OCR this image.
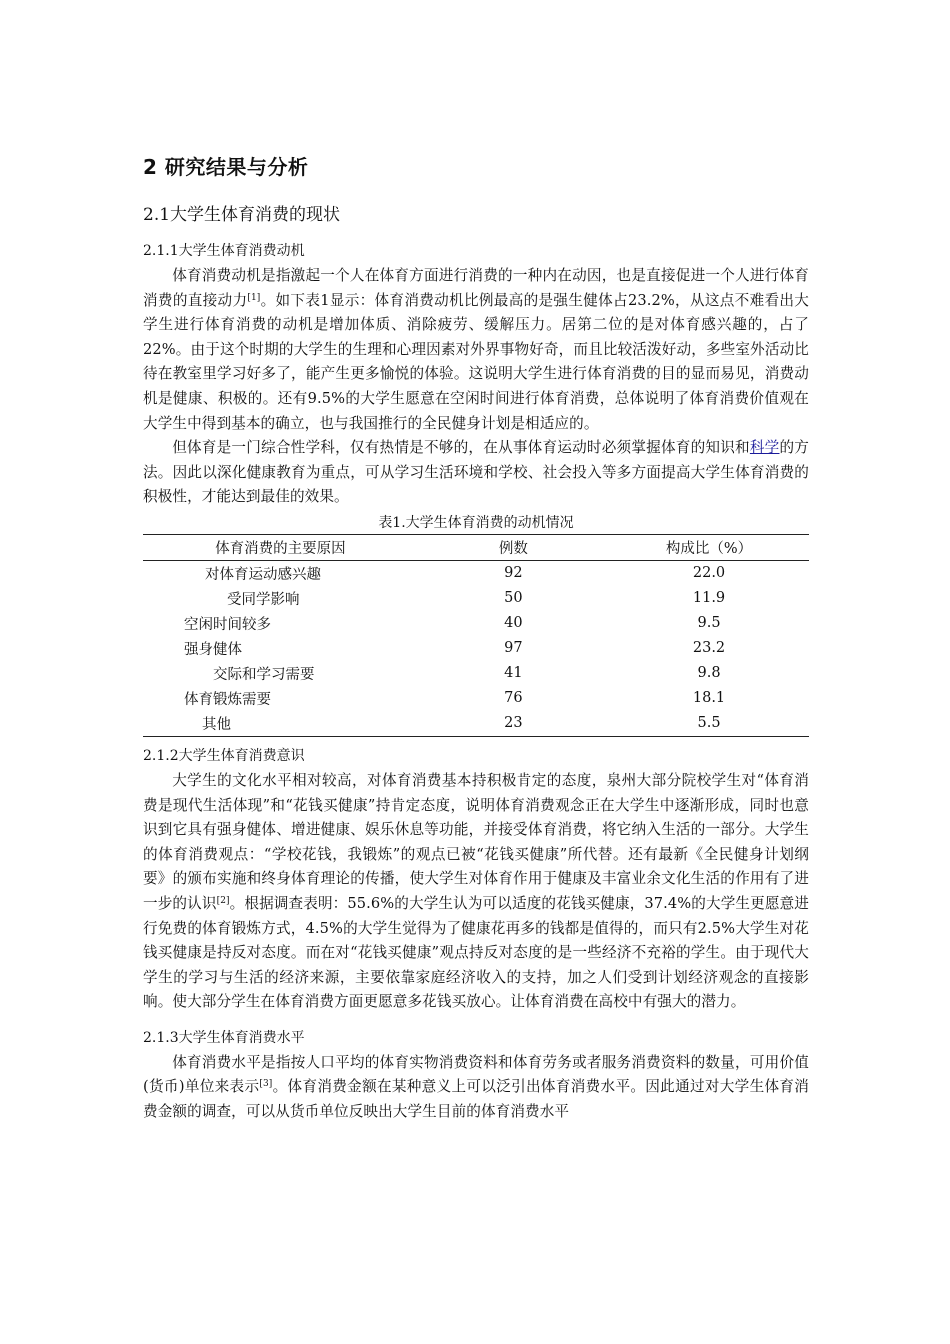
2 研究结果与分析
2.1大学生体育消费的现状
2.1.1大学生体育消费动机

体育消费动机是指激起一个人在体育方面进行消费的一种内在动因，也是直接促进一个人进行体育消费的直接动力[1]。如下表1显示：体育消费动机比例最高的是强生健体占23.2%，从这点不难看出大学生进行体育消费的动机是增加体质、消除疲劳、缓解压力。居第二位的是对体育感兴趣的，占了22%。由于这个时期的大学生的生理和心理因素对外界事物好奇，而且比较活泼好动，多些室外活动比待在教室里学习好多了，能产生更多愉悦的体验。这说明大学生进行体育消费的目的显而易见，消费动机是健康、积极的。还有9.5%的大学生愿意在空闲时间进行体育消费，总体说明了体育消费价值观在大学生中得到基本的确立，也与我国推行的全民健身计划是相适应的。

但体育是一门综合性学科，仅有热情是不够的，在从事体育运动时必须掌握体育的知识和科学的方法。因此以深化健康教育为重点，可从学习生活环境和学校、社会投入等多方面提高大学生体育消费的积极性，才能达到最佳的效果。

表1.大学生体育消费的动机情况
体育消费的主要原因	例数	构成比（%）
对体育运动感兴趣	92	22.0
受同学影响	50	11.9
空闲时间较多	40	9.5
强身健体	97	23.2
交际和学习需要	41	9.8
体育锻炼需要	76	18.1
其他	23	5.5
2.1.2大学生体育消费意识

大学生的文化水平相对较高，对体育消费基本持积极肯定的态度，泉州大部分院校学生对“体育消费是现代生活体现”和“花钱买健康”持肯定态度，说明体育消费观念正在大学生中逐渐形成，同时也意识到它具有强身健体、增进健康、娱乐休息等功能，并接受体育消费，将它纳入生活的一部分。大学生的体育消费观点：“学校花钱，我锻炼”的观点已被“花钱买健康”所代替。还有最新《全民健身计划纲要》的颁布实施和终身体育理论的传播，使大学生对体育作用于健康及丰富业余文化生活的作用有了进一步的认识[2]。根据调查表明：55.6%的大学生认为可以适度的花钱买健康，37.4%的大学生更愿意进行免费的体育锻炼方式，4.5%的大学生觉得为了健康花再多的钱都是值得的，而只有2.5%大学生对花钱买健康是持反对态度。而在对“花钱买健康”观点持反对态度的是一些经济不充裕的学生。由于现代大学生的学习与生活的经济来源，主要依靠家庭经济收入的支持，加之人们受到计划经济观念的直接影响。使大部分学生在体育消费方面更愿意多花钱买放心。让体育消费在高校中有强大的潜力。

2.1.3大学生体育消费水平

体育消费水平是指按人口平均的体育实物消费资料和体育劳务或者服务消费资料的数量，可用价值(货币)单位来表示[3]。体育消费金额在某种意义上可以泛引出体育消费水平。因此通过对大学生体育消费金额的调查，可以从货币单位反映出大学生目前的体育消费水平
